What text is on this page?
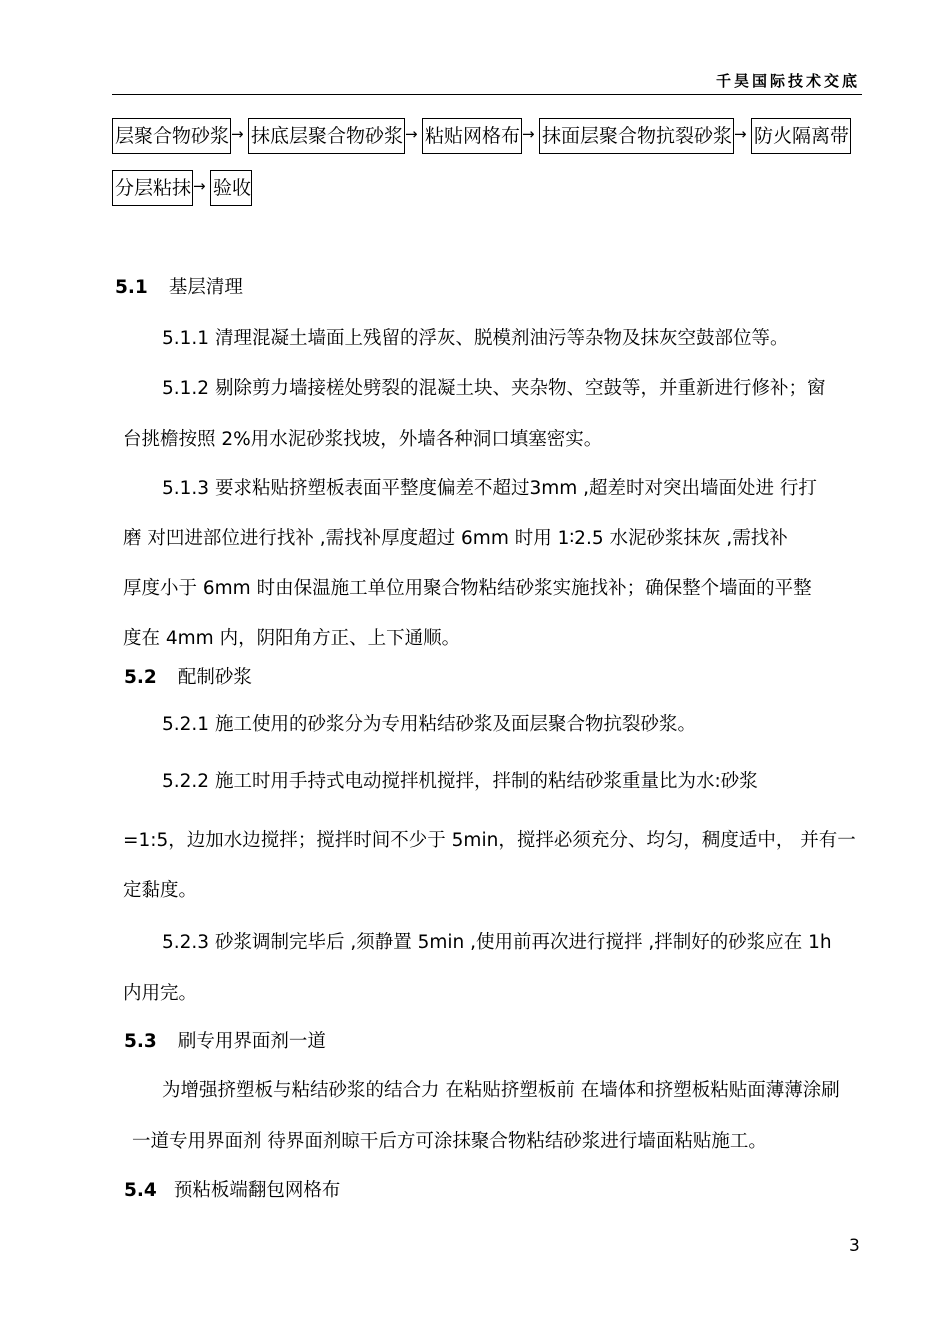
千昊国际技术交底
层聚合物砂浆 → 抹底层聚合物砂浆 → 粘贴网格布 → 抹面层聚合物抗裂砂浆 → 防火隔离带
分层粘抹 → 验收
5.1 基层清理
5.1.1 清理混凝土墙面上残留的浮灰、脱模剂油污等杂物及抹灰空鼓部位等。
5.1.2 剔除剪力墙接槎处劈裂的混凝土块、夹杂物、空鼓等，并重新进行修补；窗
台挑檐按照 2%用水泥砂浆找坡，外墙各种洞口填塞密实。
5.1.3 要求粘贴挤塑板表面平整度偏差不超过3mm ,超差时对突出墙面处进 行打
磨 对凹进部位进行找补 ,需找补厚度超过 6mm 时用 1∶2.5 水泥砂浆抹灰 ,需找补
厚度小于 6mm 时由保温施工单位用聚合物粘结砂浆实施找补；确保整个墙面的平整
度在 4mm 内，阴阳角方正、上下通顺。
5.2 配制砂浆
5.2.1 施工使用的砂浆分为专用粘结砂浆及面层聚合物抗裂砂浆。
5.2.2 施工时用手持式电动搅拌机搅拌，拌制的粘结砂浆重量比为水:砂浆
=1:5，边加水边搅拌；搅拌时间不少于 5min，搅拌必须充分、均匀，稠度适中， 并有一
定黏度。
5.2.3 砂浆调制完毕后 ,须静置 5min ,使用前再次进行搅拌 ,拌制好的砂浆应在 1h
内用完。
5.3 刷专用界面剂一道
为增强挤塑板与粘结砂浆的结合力 在粘贴挤塑板前 在墙体和挤塑板粘贴面薄薄涂刷
一道专用界面剂 待界面剂晾干后方可涂抹聚合物粘结砂浆进行墙面粘贴施工。
5.4 预粘板端翻包网格布
3
